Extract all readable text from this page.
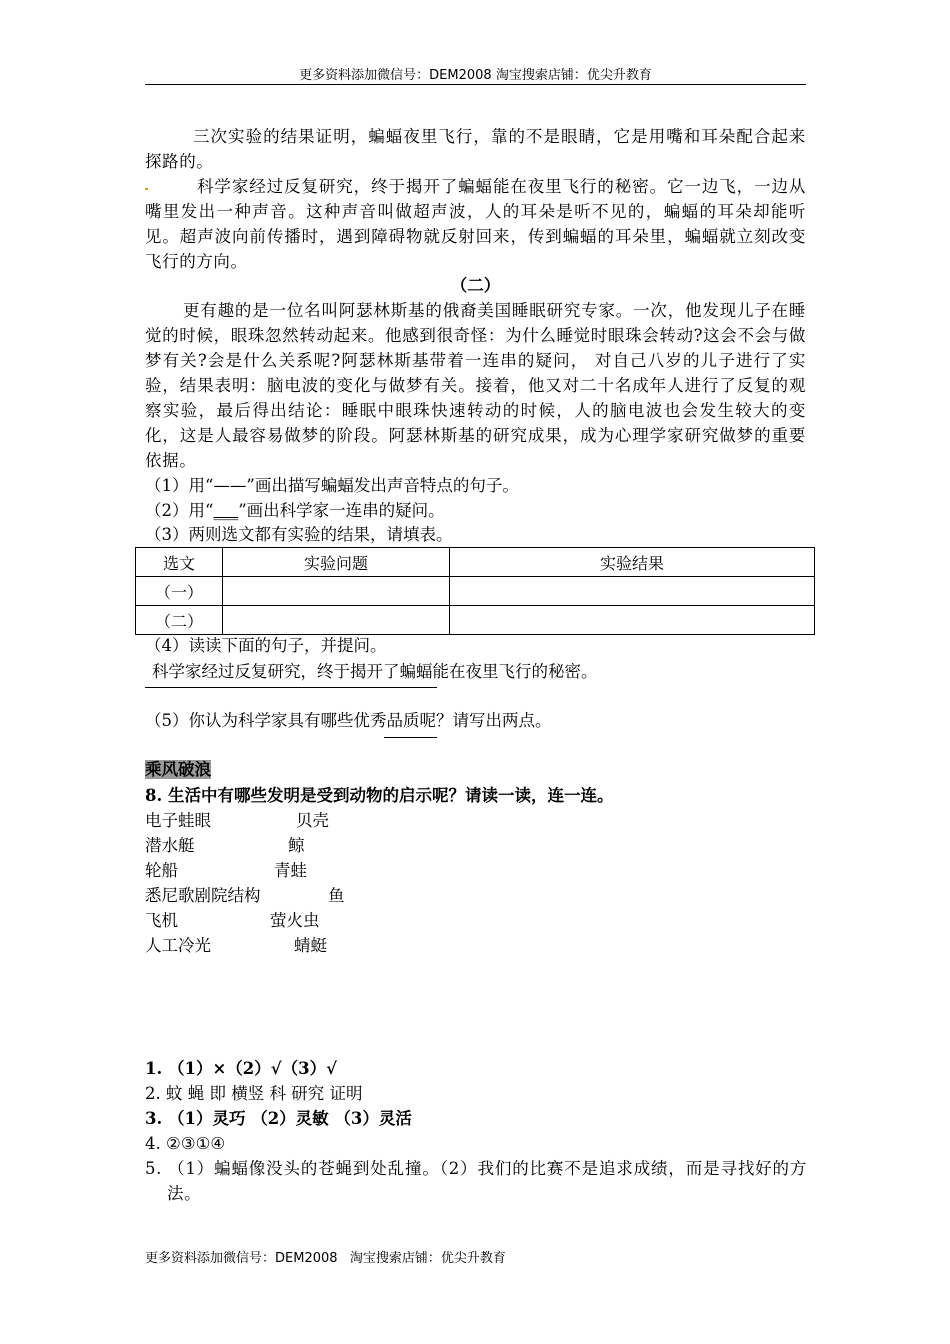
更多资料添加微信号：DEM2008 淘宝搜索店铺：优尖升教育

三次实验的结果证明，蝙蝠夜里飞行，靠的不是眼睛，它是用嘴和耳朵配合起来探路的。

科学家经过反复研究，终于揭开了蝙蝠能在夜里飞行的秘密。它一边飞，一边从嘴里发出一种声音。这种声音叫做超声波，人的耳朵是听不见的，蝙蝠的耳朵却能听见。超声波向前传播时，遇到障碍物就反射回来，传到蝙蝠的耳朵里，蝙蝠就立刻改变飞行的方向。

（二）

更有趣的是一位名叫阿瑟林斯基的俄裔美国睡眠研究专家。一次，他发现儿子在睡觉的时候，眼珠忽然转动起来。他感到很奇怪：为什么睡觉时眼珠会转动?这会不会与做梦有关?会是什么关系呢?阿瑟林斯基带着一连串的疑问， 对自己八岁的儿子进行了实验，结果表明：脑电波的变化与做梦有关。接着，他又对二十名成年人进行了反复的观察实验，最后得出结论：睡眠中眼珠快速转动的时候，人的脑电波也会发生较大的变化，这是人最容易做梦的阶段。阿瑟林斯基的研究成果，成为心理学家研究做梦的重要依据。

（1）用“——”画出描写蝙蝠发出声音特点的句子。
（2）用“___”画出科学家一连串的疑问。
（3）两则选文都有实验的结果，请填表。
选文	实验问题	实验结果
（一）		
（二）		
（4）读读下面的句子，并提问。
科学家经过反复研究，终于揭开了蝙蝠能在夜里飞行的秘密。
（5）你认为科学家具有哪些优秀品质呢？请写出两点。
乘风破浪
8. 生活中有哪些发明是受到动物的启示呢？请读一读，连一连。
电子蛙眼	贝壳
潜水艇	鲸
轮船	青蛙
悉尼歌剧院结构	鱼
飞机	萤火虫
人工冷光	蜻蜓
1. （1）×（2）√（3）√
2. 蚊 蝇 即 横竖 科 研究 证明
3. （1）灵巧 （2）灵敏 （3）灵活
4. ②③①④

5. （1）蝙蝠像没头的苍蝇到处乱撞。（2）我们的比赛不是追求成绩，而是寻找好的方法。

更多资料添加微信号：DEM2008   淘宝搜索店铺：优尖升教育
